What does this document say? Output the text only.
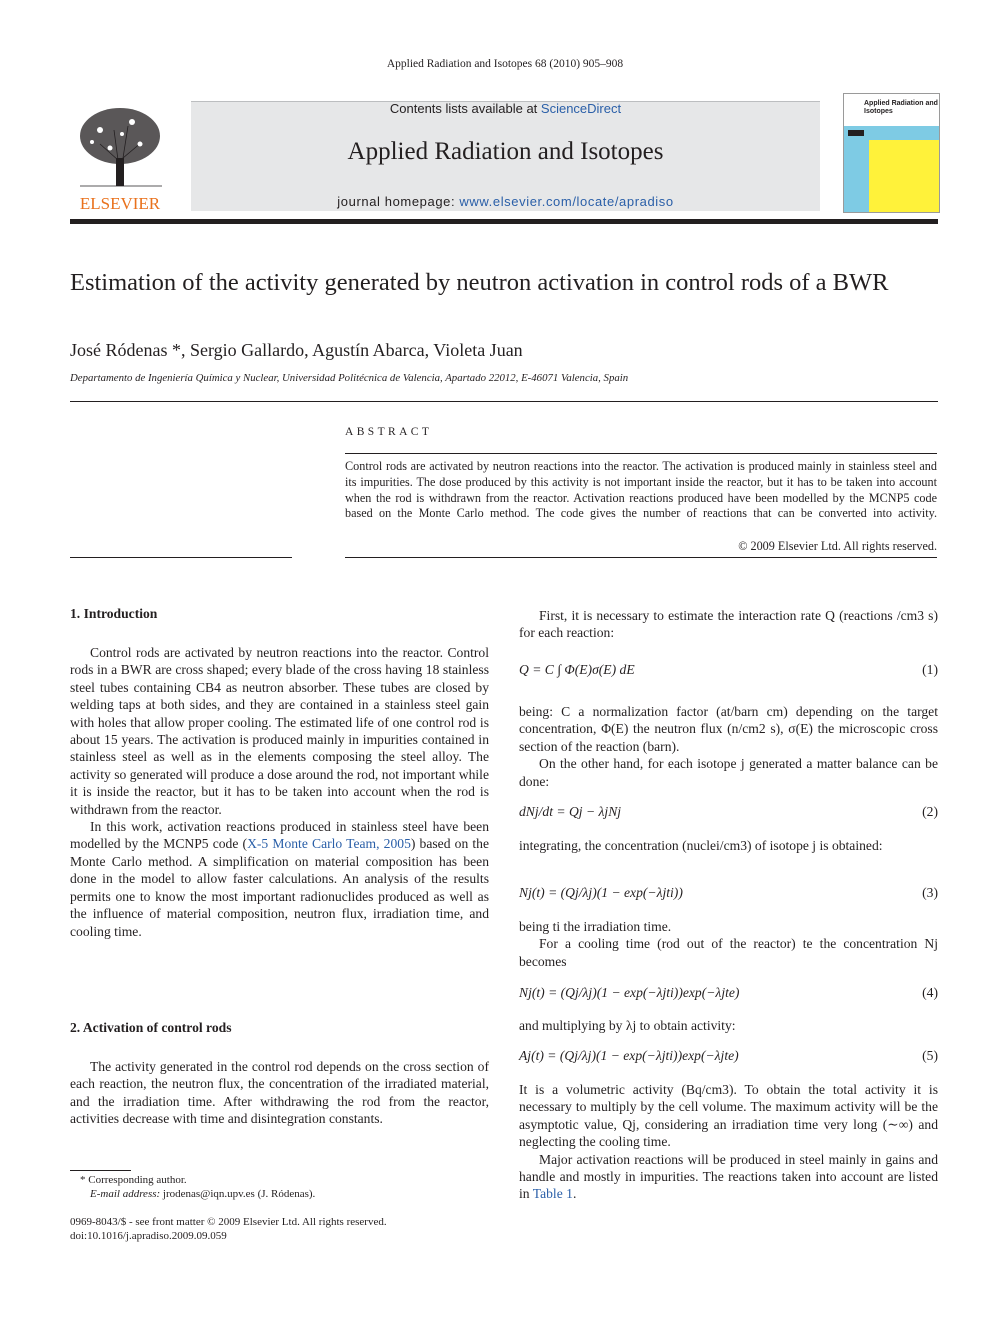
Applied Radiation and Isotopes 68 (2010) 905–908
ELSEVIER
Contents lists available at ScienceDirect
Applied Radiation and Isotopes
journal homepage: www.elsevier.com/locate/apradiso
Applied Radiation and
Isotopes
Estimation of the activity generated by neutron activation in control rods of a BWR
José Ródenas *, Sergio Gallardo, Agustín Abarca, Violeta Juan
Departamento de Ingeniería Química y Nuclear, Universidad Politécnica de Valencia, Apartado 22012, E-46071 Valencia, Spain
ABSTRACT
Control rods are activated by neutron reactions into the reactor. The activation is produced mainly in stainless steel and its impurities. The dose produced by this activity is not important inside the reactor, but it has to be taken into account when the rod is withdrawn from the reactor. Activation reactions produced have been modelled by the MCNP5 code based on the Monte Carlo method. The code gives the number of reactions that can be converted into activity.
© 2009 Elsevier Ltd. All rights reserved.
1. Introduction

Control rods are activated by neutron reactions into the reactor. Control rods in a BWR are cross shaped; every blade of the cross having 18 stainless steel tubes containing CB4 as neutron absorber. These tubes are closed by welding taps at both sides, and they are contained in a stainless steel gain with holes that allow proper cooling. The estimated life of one control rod is about 15 years. The activation is produced mainly in impurities contained in stainless steel as well as in the elements composing the steel alloy. The activity so generated will produce a dose around the rod, not important while it is inside the reactor, but it has to be taken into account when the rod is withdrawn from the reactor.

In this work, activation reactions produced in stainless steel have been modelled by the MCNP5 code (X-5 Monte Carlo Team, 2005) based on the Monte Carlo method. A simplification on material composition has been done in the model to allow faster calculations. An analysis of the results permits one to know the most important radionuclides produced as well as the influence of material composition, neutron flux, irradiation time, and cooling time.

2. Activation of control rods

The activity generated in the control rod depends on the cross section of each reaction, the neutron flux, the concentration of the irradiated material, and the irradiation time. After withdrawing the rod from the reactor, activities decrease with time and disintegration constants.

* Corresponding author.
E-mail address: jrodenas@iqn.upv.es (J. Ródenas).
0969-8043/$ - see front matter © 2009 Elsevier Ltd. All rights reserved.
doi:10.1016/j.apradiso.2009.09.059

First, it is necessary to estimate the interaction rate Q (reactions /cm3 s) for each reaction:

Q = C ∫ Φ(E)σ(E) dE	(1)

being: C a normalization factor (at/barn cm) depending on the target concentration, Φ(E) the neutron flux (n/cm2 s), σ(E) the microscopic cross section of the reaction (barn).

On the other hand, for each isotope j generated a matter balance can be done:

dNj/dt = Qj − λjNj	(2)

integrating, the concentration (nuclei/cm3) of isotope j is obtained:

Nj(t) = (Qj/λj)(1 − exp(−λjti))	(3)

being ti the irradiation time.

For a cooling time (rod out of the reactor) te the concentration Nj becomes

Nj(t) = (Qj/λj)(1 − exp(−λjti))exp(−λjte)	(4)

and multiplying by λj to obtain activity:

Aj(t) = (Qj/λj)(1 − exp(−λjti))exp(−λjte)	(5)

It is a volumetric activity (Bq/cm3). To obtain the total activity it is necessary to multiply by the cell volume. The maximum activity will be the asymptotic value, Qj, considering an irradiation time very long (∼∞) and neglecting the cooling time.

Major activation reactions will be produced in steel mainly in gains and handle and mostly in impurities. The reactions taken into account are listed in Table 1.
